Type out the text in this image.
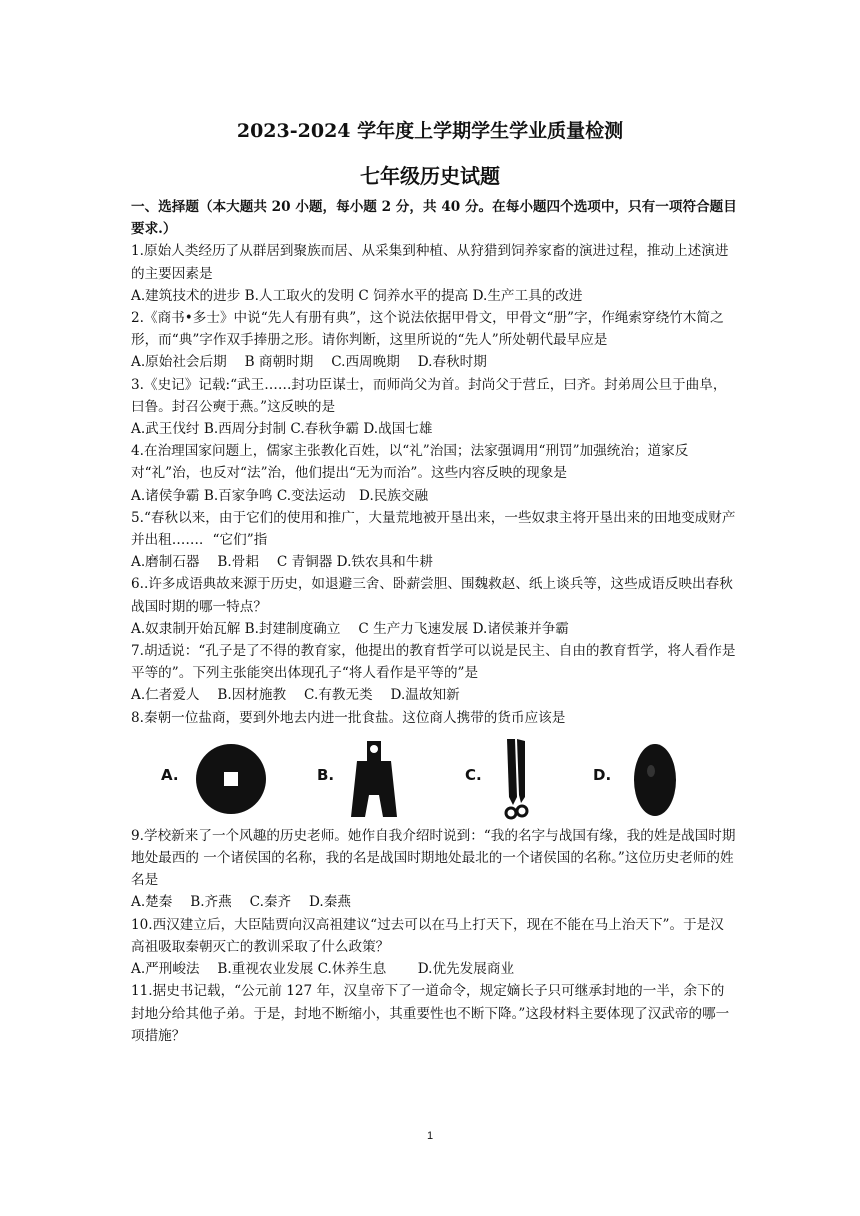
2023-2024 学年度上学期学生学业质量检测
七年级历史试题

一、选择题（本大题共 20 小题，每小题 2 分，共 40 分。在每小题四个选项中，只有一项符合题目要求.）

1.原始人类经历了从群居到聚族而居、从采集到种植、从狩猎到饲养家畜的演进过程，推动上述演进的主要因素是

A.建筑技术的进步 B.人工取火的发明 C 饲养水平的提高 D.生产工具的改进

2.《商书•多士》中说“先人有册有典”，这个说法依据甲骨文，甲骨文“册”字，作绳索穿绕竹木简之形，而“典”字作双手捧册之形。请你判断，这里所说的“先人”所处朝代最早应是

A.原始社会后期　 B 商朝时期　 C.西周晚期　 D.春秋时期

3.《史记》记载:“武王……封功臣谋士，而师尚父为首。封尚父于营丘，曰齐。封弟周公旦于曲阜，曰鲁。封召公奭于燕。”这反映的是

A.武王伐纣 B.西周分封制 C.春秋争霸 D.战国七雄

4.在治理国家问题上，儒家主张教化百姓，以“礼”治国；法家强调用“刑罚”加强统治；道家反对“礼”治，也反对“法”治，他们提出“无为而治”。这些内容反映的现象是

A.诸侯争霸 B.百家争鸣 C.变法运动　D.民族交融

5.“春秋以来，由于它们的使用和推广，大量荒地被开垦出来，一些奴隶主将开垦出来的田地变成财产并出租……．“它们”指

A.磨制石器　 B.骨耜　 C 青铜器 D.铁农具和牛耕

6..许多成语典故来源于历史，如退避三舍、卧薪尝胆、围魏救赵、纸上谈兵等，这些成语反映出春秋战国时期的哪一特点？

A.奴隶制开始瓦解 B.封建制度确立　 C 生产力飞速发展 D.诸侯兼并争霸

7.胡适说：“孔子是了不得的教育家，他提出的教育哲学可以说是民主、自由的教育哲学，将人看作是平等的”。下列主张能突出体现孔子“将人看作是平等的”是

A.仁者爱人　 B.因材施教　 C.有教无类　 D.温故知新

8.秦朝一位盐商，要到外地去内进一批食盐。这位商人携带的货币应该是

A.	B.	C.	D.

9.学校新来了一个风趣的历史老师。她作自我介绍时说到：“我的名字与战国有缘，我的姓是战国时期地处最西的 一个诸侯国的名称，我的名是战国时期地处最北的一个诸侯国的名称。”这位历史老师的姓名是

A.楚秦　 B.齐燕　 C.秦齐　 D.秦燕

10.西汉建立后，大臣陆贾向汉高祖建议“过去可以在马上打天下，现在不能在马上治天下”。于是汉高祖吸取秦朝灭亡的教训采取了什么政策？

A.严刑峻法　 B.重视农业发展 C.休养生息　　 D.优先发展商业

11.据史书记载，“公元前 127 年，汉皇帝下了一道命令，规定嫡长子只可继承封地的一半，余下的封地分给其他子弟。于是，封地不断缩小，其重要性也不断下降。”这段材料主要体现了汉武帝的哪一项措施？

1
